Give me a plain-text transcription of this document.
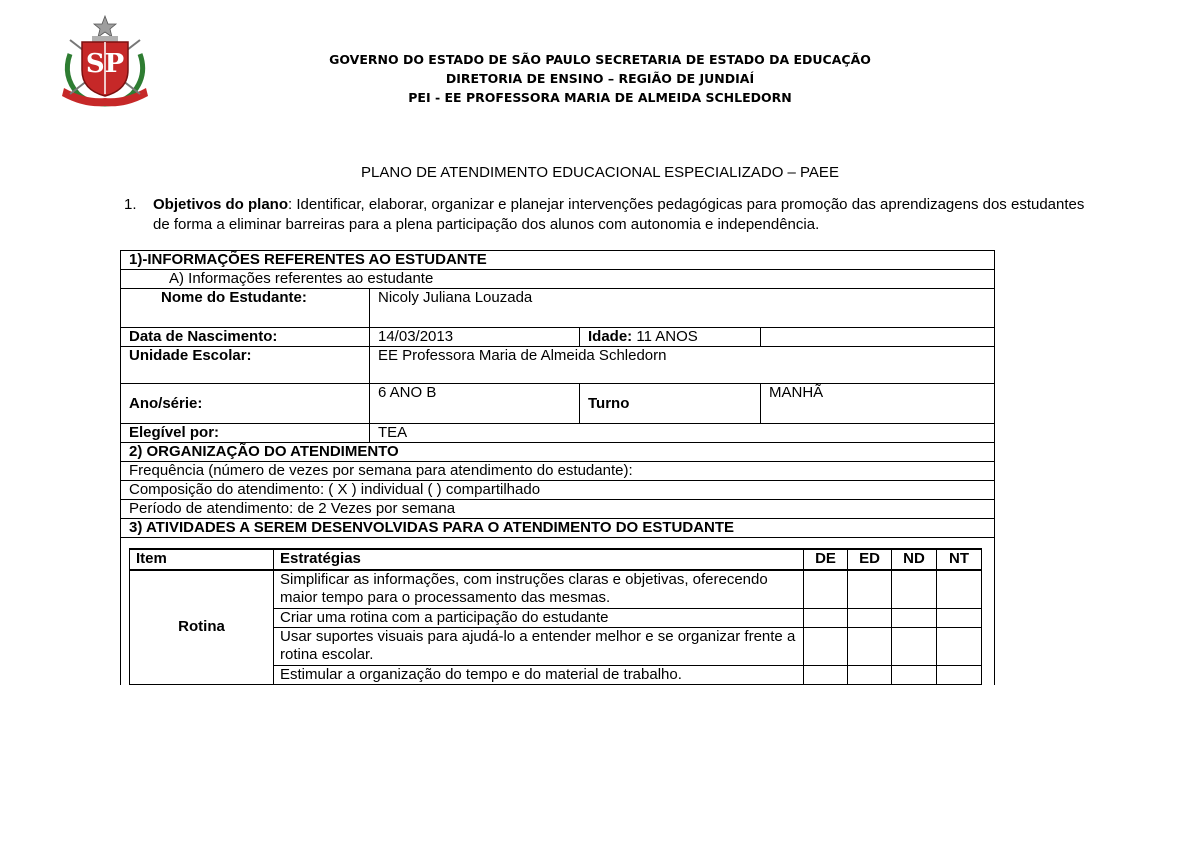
SP	GOVERNO DO ESTADO DE SÃO PAULO SECRETARIA DE ESTADO DA EDUCAÇÃO
DIRETORIA DE ENSINO – REGIÃO DE JUNDIAÍ
PEI - EE PROFESSORA MARIA DE ALMEIDA SCHLEDORN
PLANO DE ATENDIMENTO EDUCACIONAL ESPECIALIZADO – PAEE
1. Objetivos do plano: Identificar, elaborar, organizar e planejar intervenções pedagógicas para promoção das aprendizagens dos estudantes de forma a eliminar barreiras para a plena participação dos alunos com autonomia e independência.
1)-INFORMAÇÕES REFERENTES AO ESTUDANTE
A) Informações referentes ao estudante
Nome do Estudante:	Nicoly Juliana Louzada
Data de Nascimento:	14/03/2013	Idade: 11 ANOS	
Unidade Escolar:	EE Professora Maria de Almeida Schledorn
Ano/série:	6 ANO B	Turno	MANHÃ
Elegível por:	TEA
2) ORGANIZAÇÃO DO ATENDIMENTO
Frequência (número de vezes por semana para atendimento do estudante):
Composição do atendimento: ( X ) individual ( ) compartilhado
Período de atendimento: de 2 Vezes por semana
3) ATIVIDADES A SEREM DESENVOLVIDAS PARA O ATENDIMENTO DO ESTUDANTE

Item	Estratégias	DE	ED	ND	NT
Rotina	Simplificar as informações, com instruções claras e objetivas, oferecendo maior tempo para o processamento das mesmas.				
Criar uma rotina com a participação do estudante				
Usar suportes visuais para ajudá-lo a entender melhor e se organizar frente a rotina escolar.				
Estimular a organização do tempo e do material de trabalho.				
